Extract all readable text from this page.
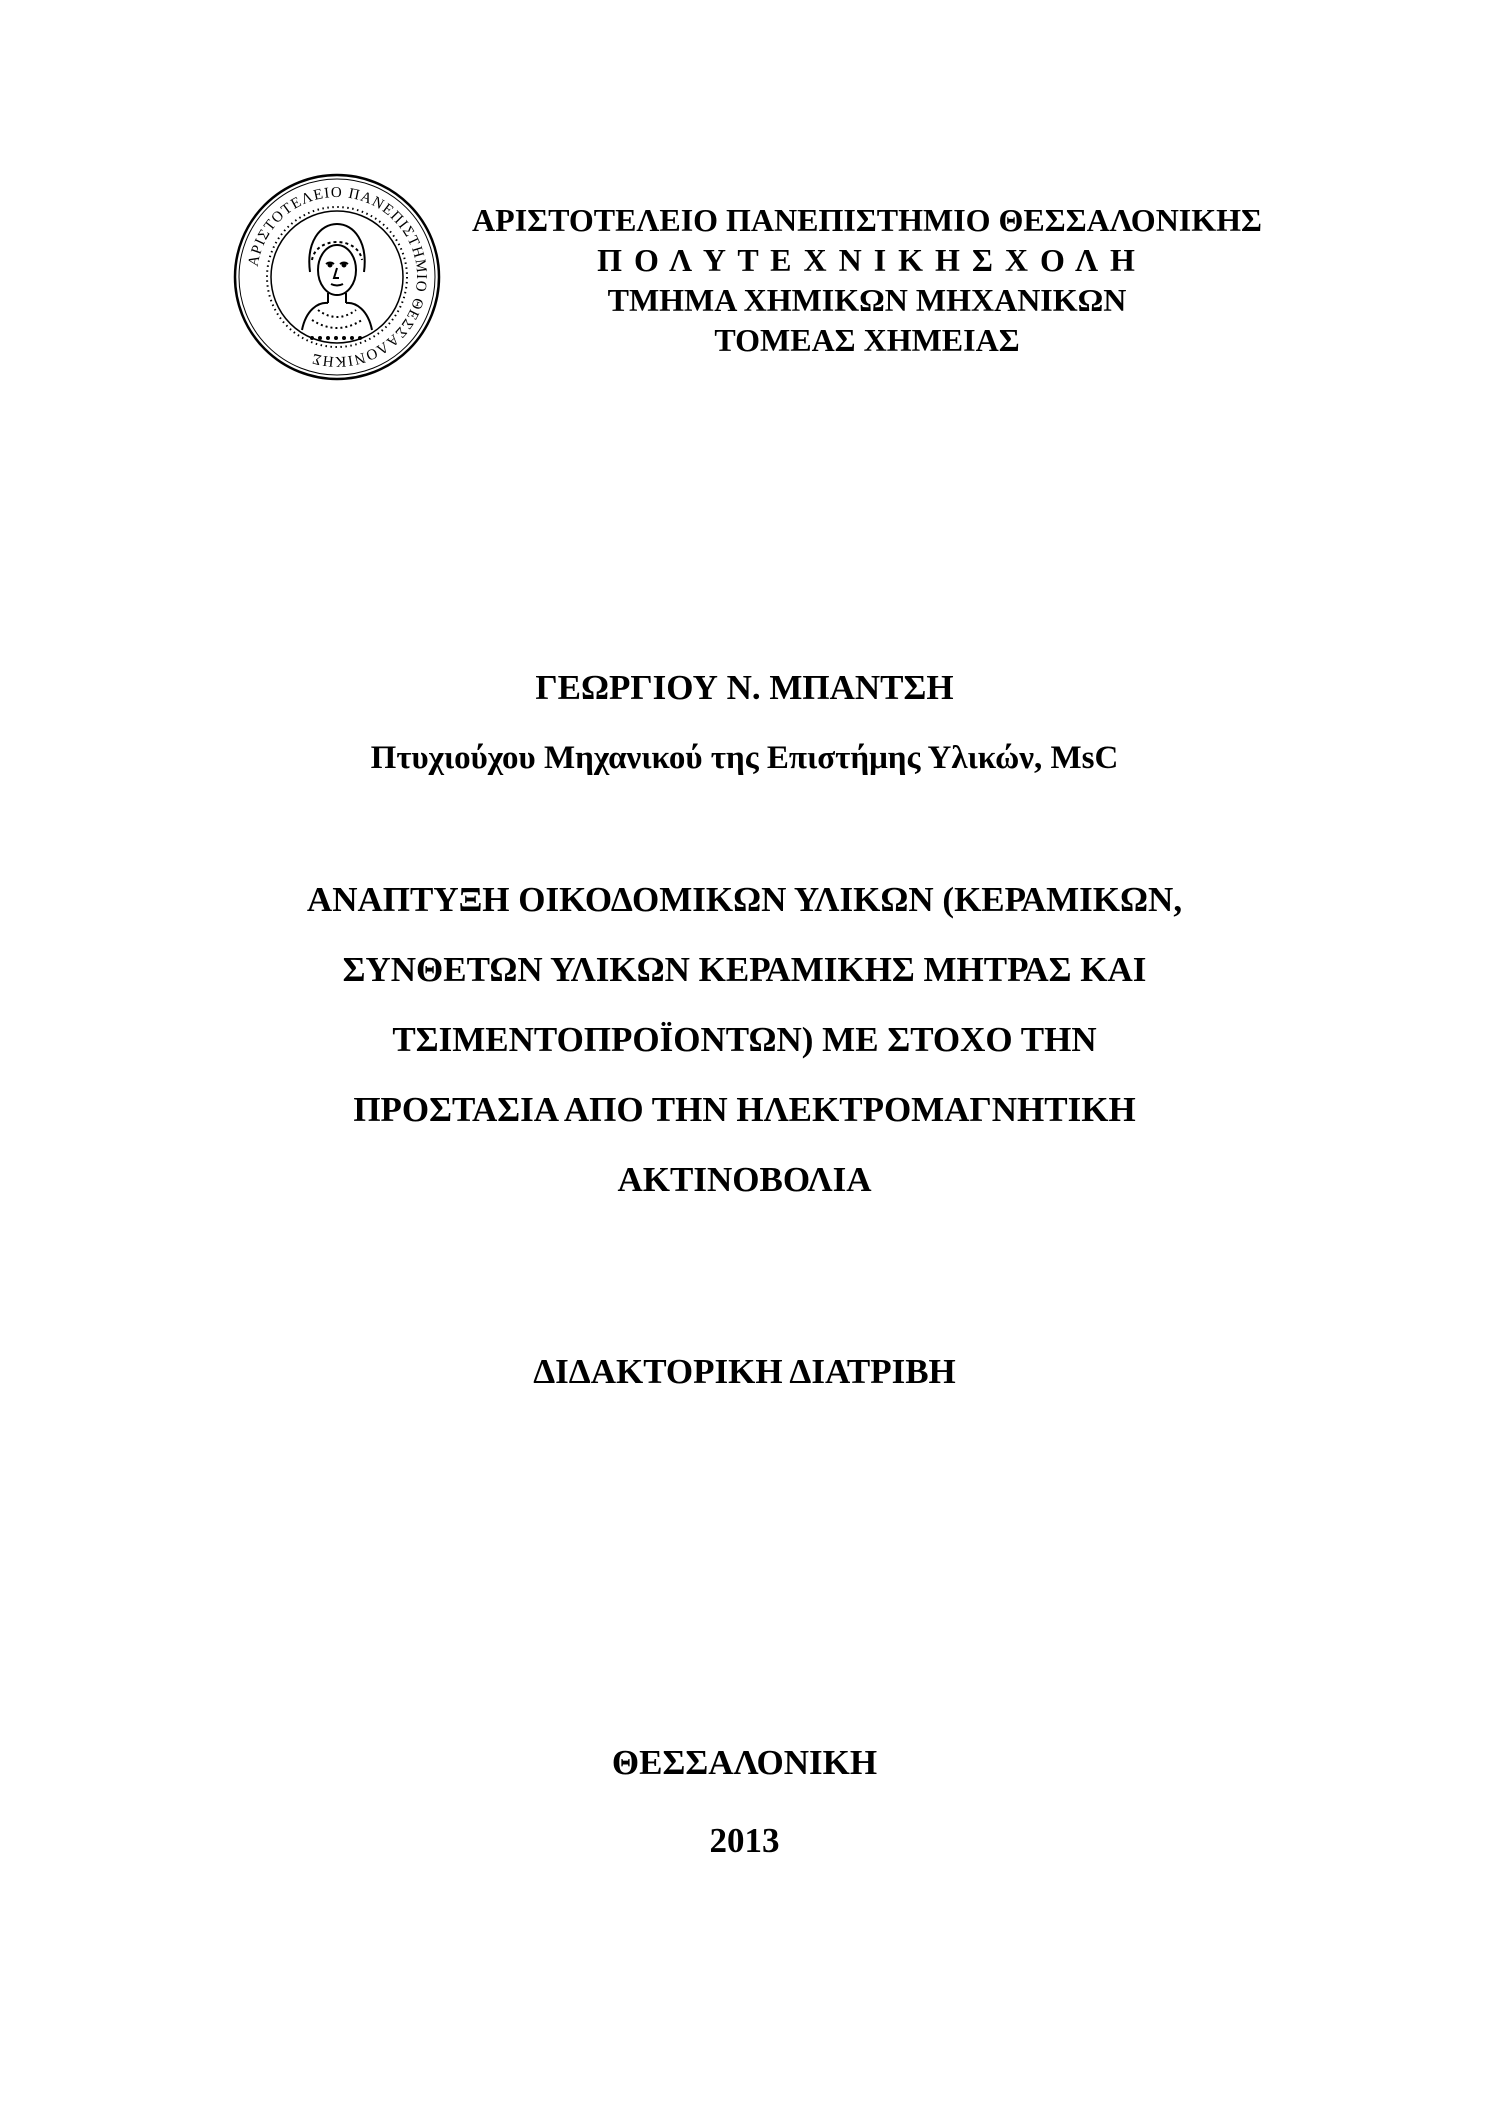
ΑΡΙΣΤΟΤΕΛΕΙΟ ΠΑΝΕΠΙΣΤΗΜΙΟ ΘΕΣΣΑΛΟΝΙΚΗΣ
ΑΡΙΣΤΟΤΕΛΕΙΟ ΠΑΝΕΠΙΣΤΗΜΙΟ ΘΕΣΣΑΛΟΝΙΚΗΣ
Π Ο Λ Υ Τ Ε Χ Ν Ι Κ Η Σ Χ Ο Λ Η
ΤΜΗΜΑ ΧΗΜΙΚΩΝ ΜΗΧΑΝΙΚΩΝ
ΤΟΜΕΑΣ ΧΗΜΕΙΑΣ
ΓΕΩΡΓΙΟΥ Ν. ΜΠΑΝΤΣΗ
Πτυχιούχου Μηχανικού της Επιστήμης Υλικών, MsC
ΑΝΑΠΤΥΞΗ ΟΙΚΟΔΟΜΙΚΩΝ ΥΛΙΚΩΝ (ΚΕΡΑΜΙΚΩΝ,
ΣΥΝΘΕΤΩΝ ΥΛΙΚΩΝ ΚΕΡΑΜΙΚΗΣ ΜΗΤΡΑΣ ΚΑΙ
ΤΣΙΜΕΝΤΟΠΡΟΪΟΝΤΩΝ) ΜΕ ΣΤΟΧΟ ΤΗΝ
ΠΡΟΣΤΑΣΙΑ ΑΠΟ ΤΗΝ ΗΛΕΚΤΡΟΜΑΓΝΗΤΙΚΗ
ΑΚΤΙΝΟΒΟΛΙΑ
ΔΙΔΑΚΤΟΡΙΚΗ ΔΙΑΤΡΙΒΗ
ΘΕΣΣΑΛΟΝΙΚΗ
2013
